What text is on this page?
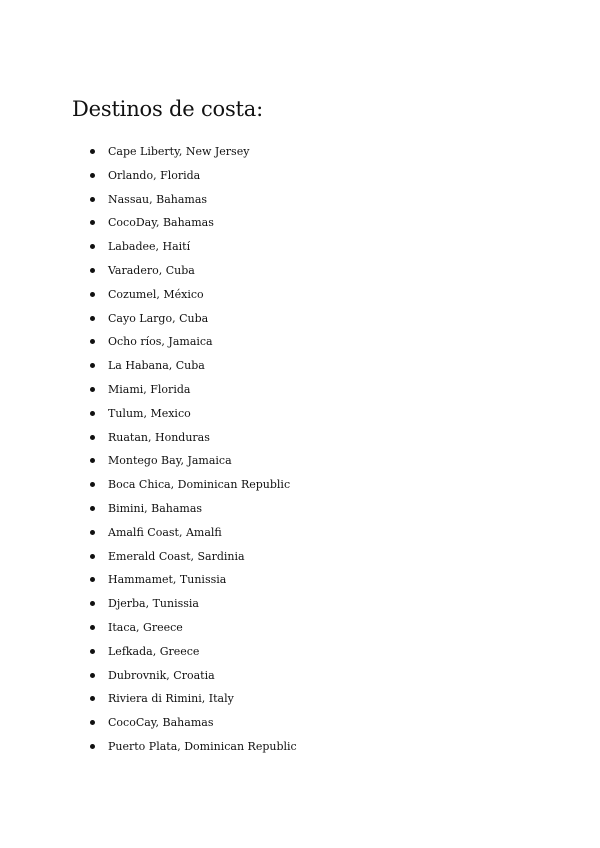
Destinos de costa:
Cape Liberty, New Jersey
Orlando, Florida
Nassau, Bahamas
CocoDay, Bahamas
Labadee, Haití
Varadero, Cuba
Cozumel, México
Cayo Largo, Cuba
Ocho ríos, Jamaica
La Habana, Cuba
Miami, Florida
Tulum, Mexico
Ruatan, Honduras
Montego Bay, Jamaica
Boca Chica, Dominican Republic
Bimini, Bahamas
Amalfi Coast, Amalfi
Emerald Coast, Sardinia
Hammamet, Tunissia
Djerba, Tunissia
Itaca, Greece
Lefkada, Greece
Dubrovnik, Croatia
Riviera di Rimini, Italy
CocoCay, Bahamas
Puerto Plata, Dominican Republic
